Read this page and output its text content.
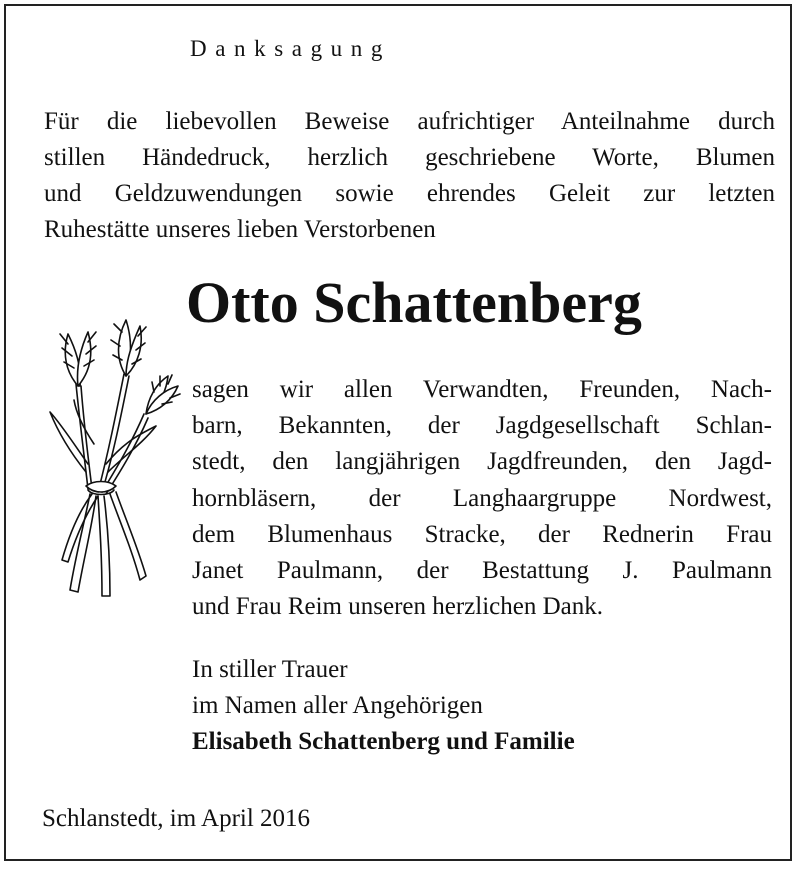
Danksagung
Für die liebevollen Beweise aufrichtiger Anteilnahme durch
stillen Händedruck, herzlich geschriebene Worte, Blumen
und Geldzuwendungen sowie ehrendes Geleit zur letzten
Ruhestätte unseres lieben Verstorbenen
Otto Schattenberg
sagen wir allen Verwandten, Freunden, Nach-
barn, Bekannten, der Jagdgesellschaft Schlan-
stedt, den langjährigen Jagdfreunden, den Jagd-
hornbläsern, der Langhaargruppe Nordwest,
dem Blumenhaus Stracke, der Rednerin Frau
Janet Paulmann, der Bestattung J. Paulmann
und Frau Reim unseren herzlichen Dank.
In stiller Trauer
im Namen aller Angehörigen
Elisabeth Schattenberg und Familie
Schlanstedt, im April 2016
